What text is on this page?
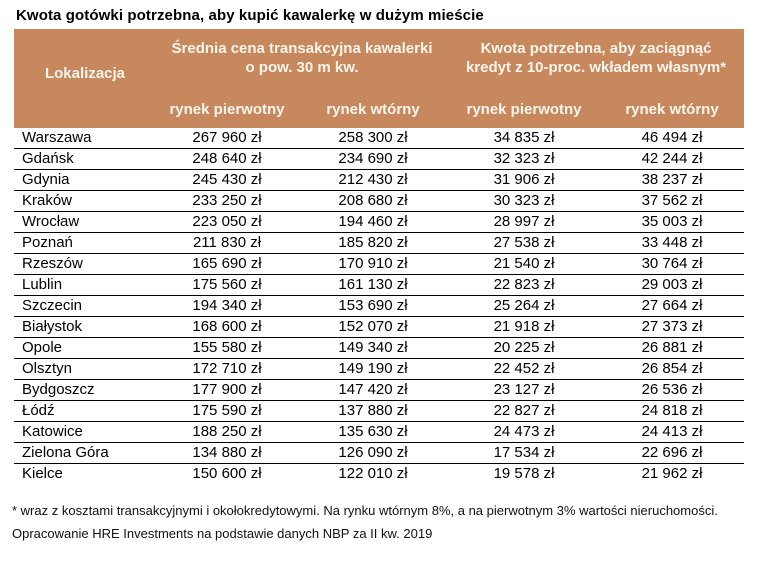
Kwota gotówki potrzebna, aby kupić kawalerkę w dużym mieście
Lokalizacja	Średnia cena transakcyjna kawalerki
o pow. 30 m kw.		Kwota potrzebna, aby zaciągnąć
kredyt z 10-proc. wkładem własnym*	

	rynek pierwotny	rynek wtórny	rynek pierwotny	rynek wtórny
Warszawa	267 960 zł	258 300 zł	34 835 zł	46 494 zł
Gdańsk	248 640 zł	234 690 zł	32 323 zł	42 244 zł
Gdynia	245 430 zł	212 430 zł	31 906 zł	38 237 zł
Kraków	233 250 zł	208 680 zł	30 323 zł	37 562 zł
Wrocław	223 050 zł	194 460 zł	28 997 zł	35 003 zł
Poznań	211 830 zł	185 820 zł	27 538 zł	33 448 zł
Rzeszów	165 690 zł	170 910 zł	21 540 zł	30 764 zł
Lublin	175 560 zł	161 130 zł	22 823 zł	29 003 zł
Szczecin	194 340 zł	153 690 zł	25 264 zł	27 664 zł
Białystok	168 600 zł	152 070 zł	21 918 zł	27 373 zł
Opole	155 580 zł	149 340 zł	20 225 zł	26 881 zł
Olsztyn	172 710 zł	149 190 zł	22 452 zł	26 854 zł
Bydgoszcz	177 900 zł	147 420 zł	23 127 zł	26 536 zł
Łódź	175 590 zł	137 880 zł	22 827 zł	24 818 zł
Katowice	188 250 zł	135 630 zł	24 473 zł	24 413 zł
Zielona Góra	134 880 zł	126 090 zł	17 534 zł	22 696 zł
Kielce	150 600 zł	122 010 zł	19 578 zł	21 962 zł
* wraz z kosztami transakcyjnymi i okołokredytowymi. Na rynku wtórnym 8%, a na pierwotnym 3% wartości nieruchomości.
Opracowanie HRE Investments na podstawie danych NBP za II kw. 2019
